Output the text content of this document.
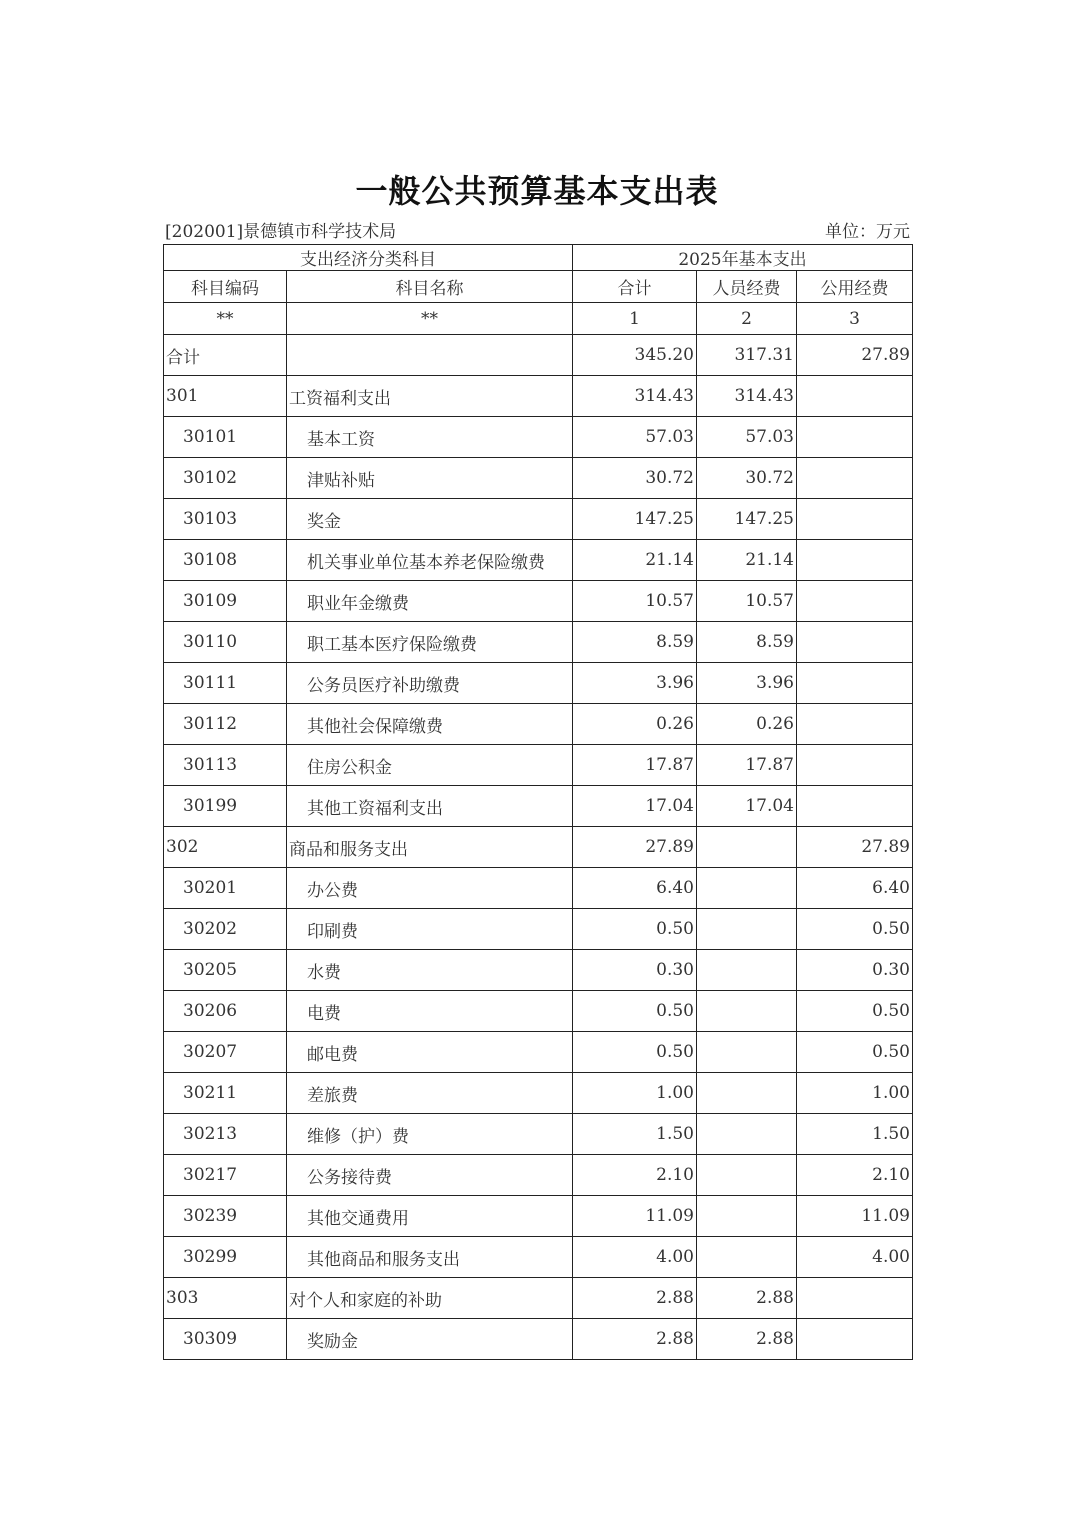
一般公共预算基本支出表
[202001]景德镇市科学技术局	单位：万元
支出经济分类科目		2025年基本支出		
科目编码	科目名称	合计	人员经费	公用经费
**	**	1	2	3
合计		345.20	317.31	27.89
301	工资福利支出	314.43	314.43	
30101	基本工资	57.03	57.03	
30102	津贴补贴	30.72	30.72	
30103	奖金	147.25	147.25	
30108	机关事业单位基本养老保险缴费	21.14	21.14	
30109	职业年金缴费	10.57	10.57	
30110	职工基本医疗保险缴费	8.59	8.59	
30111	公务员医疗补助缴费	3.96	3.96	
30112	其他社会保障缴费	0.26	0.26	
30113	住房公积金	17.87	17.87	
30199	其他工资福利支出	17.04	17.04	
302	商品和服务支出	27.89		27.89
30201	办公费	6.40		6.40
30202	印刷费	0.50		0.50
30205	水费	0.30		0.30
30206	电费	0.50		0.50
30207	邮电费	0.50		0.50
30211	差旅费	1.00		1.00
30213	维修（护）费	1.50		1.50
30217	公务接待费	2.10		2.10
30239	其他交通费用	11.09		11.09
30299	其他商品和服务支出	4.00		4.00
303	对个人和家庭的补助	2.88	2.88	
30309	奖励金	2.88	2.88	
